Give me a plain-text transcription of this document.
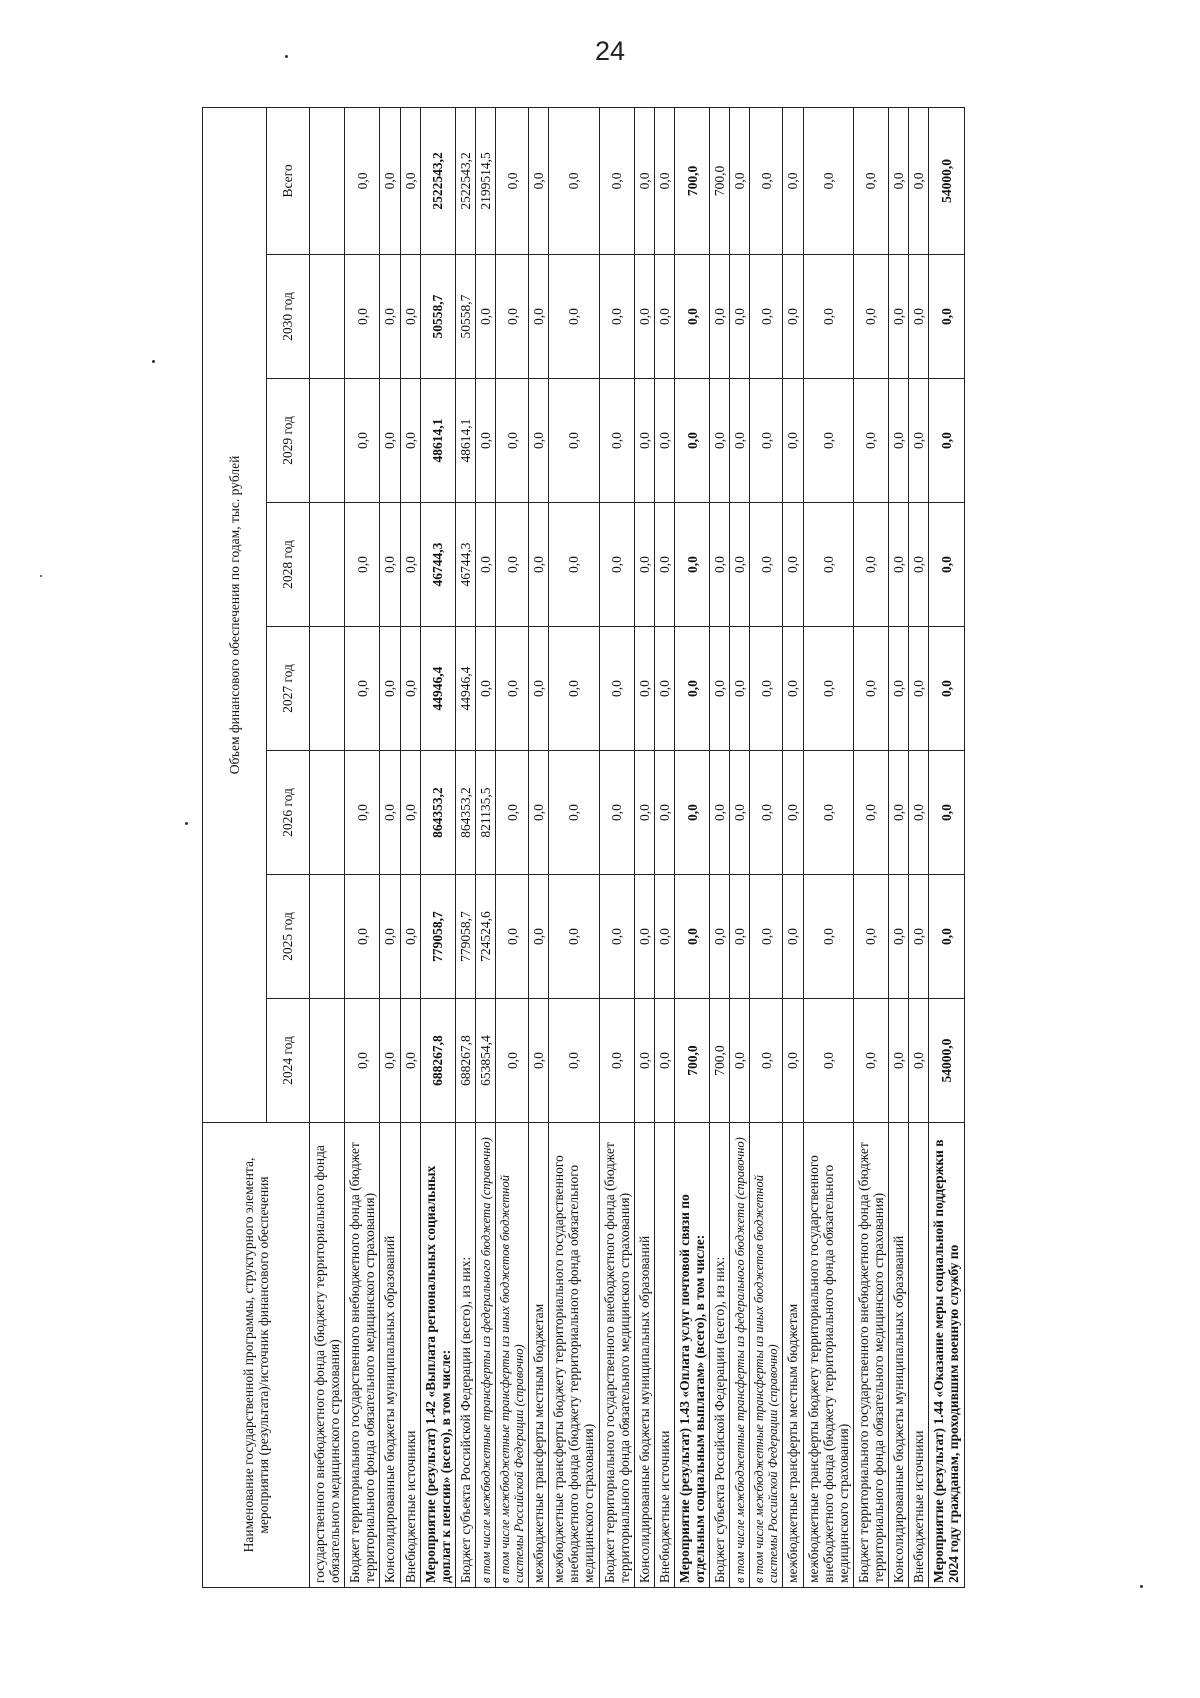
24
Наименование государственной программы, структурного элемента, мероприятия (результата)/источник финансового обеспечения	Объем финансового обеспечения по годам, тыс. рублей							
	2024 год	2025 год	2026 год	2027 год	2028 год	2029 год	2030 год	Всего
государственного внебюджетного фонда (бюджету территориального фонда обязательного медицинского страхования)								
Бюджет территориального государственного внебюджетного фонда (бюджет территориального фонда обязательного медицинского страхования)	0,0	0,0	0,0	0,0	0,0	0,0	0,0	0,0
Консолидированные бюджеты муниципальных образований	0,0	0,0	0,0	0,0	0,0	0,0	0,0	0,0
Внебюджетные источники	0,0	0,0	0,0	0,0	0,0	0,0	0,0	0,0
Мероприятие (результат) 1.42 «Выплата региональных социальных доплат к пенсии» (всего), в том числе:	688267,8	779058,7	864353,2	44946,4	46744,3	48614,1	50558,7	2522543,2
Бюджет субъекта Российской Федерации (всего), из них:	688267,8	779058,7	864353,2	44946,4	46744,3	48614,1	50558,7	2522543,2
в том числе межбюджетные трансферты из федерального бюджета (справочно)	653854,4	724524,6	821135,5	0,0	0,0	0,0	0,0	2199514,5
в том числе межбюджетные трансферты из иных бюджетов бюджетной системы Российской Федерации (справочно)	0,0	0,0	0,0	0,0	0,0	0,0	0,0	0,0
межбюджетные трансферты местным бюджетам	0,0	0,0	0,0	0,0	0,0	0,0	0,0	0,0
межбюджетные трансферты бюджету территориального государственного внебюджетного фонда (бюджету территориального фонда обязательного медицинского страхования)	0,0	0,0	0,0	0,0	0,0	0,0	0,0	0,0
Бюджет территориального государственного внебюджетного фонда (бюджет территориального фонда обязательного медицинского страхования)	0,0	0,0	0,0	0,0	0,0	0,0	0,0	0,0
Консолидированные бюджеты муниципальных образований	0,0	0,0	0,0	0,0	0,0	0,0	0,0	0,0
Внебюджетные источники	0,0	0,0	0,0	0,0	0,0	0,0	0,0	0,0
Мероприятие (результат) 1.43 «Оплата услуг почтовой связи по отдельным социальным выплатам» (всего), в том числе:	700,0	0,0	0,0	0,0	0,0	0,0	0,0	700,0
Бюджет субъекта Российской Федерации (всего), из них:	700,0	0,0	0,0	0,0	0,0	0,0	0,0	700,0
в том числе межбюджетные трансферты из федерального бюджета (справочно)	0,0	0,0	0,0	0,0	0,0	0,0	0,0	0,0
в том числе межбюджетные трансферты из иных бюджетов бюджетной системы Российской Федерации (справочно)	0,0	0,0	0,0	0,0	0,0	0,0	0,0	0,0
межбюджетные трансферты местным бюджетам	0,0	0,0	0,0	0,0	0,0	0,0	0,0	0,0
межбюджетные трансферты бюджету территориального государственного внебюджетного фонда (бюджету территориального фонда обязательного медицинского страхования)	0,0	0,0	0,0	0,0	0,0	0,0	0,0	0,0
Бюджет территориального государственного внебюджетного фонда (бюджет территориального фонда обязательного медицинского страхования)	0,0	0,0	0,0	0,0	0,0	0,0	0,0	0,0
Консолидированные бюджеты муниципальных образований	0,0	0,0	0,0	0,0	0,0	0,0	0,0	0,0
Внебюджетные источники	0,0	0,0	0,0	0,0	0,0	0,0	0,0	0,0
Мероприятие (результат) 1.44 «Оказание меры социальной поддержки в 2024 году гражданам, проходившим военную службу по	54000,0	0,0	0,0	0,0	0,0	0,0	0,0	54000,0
